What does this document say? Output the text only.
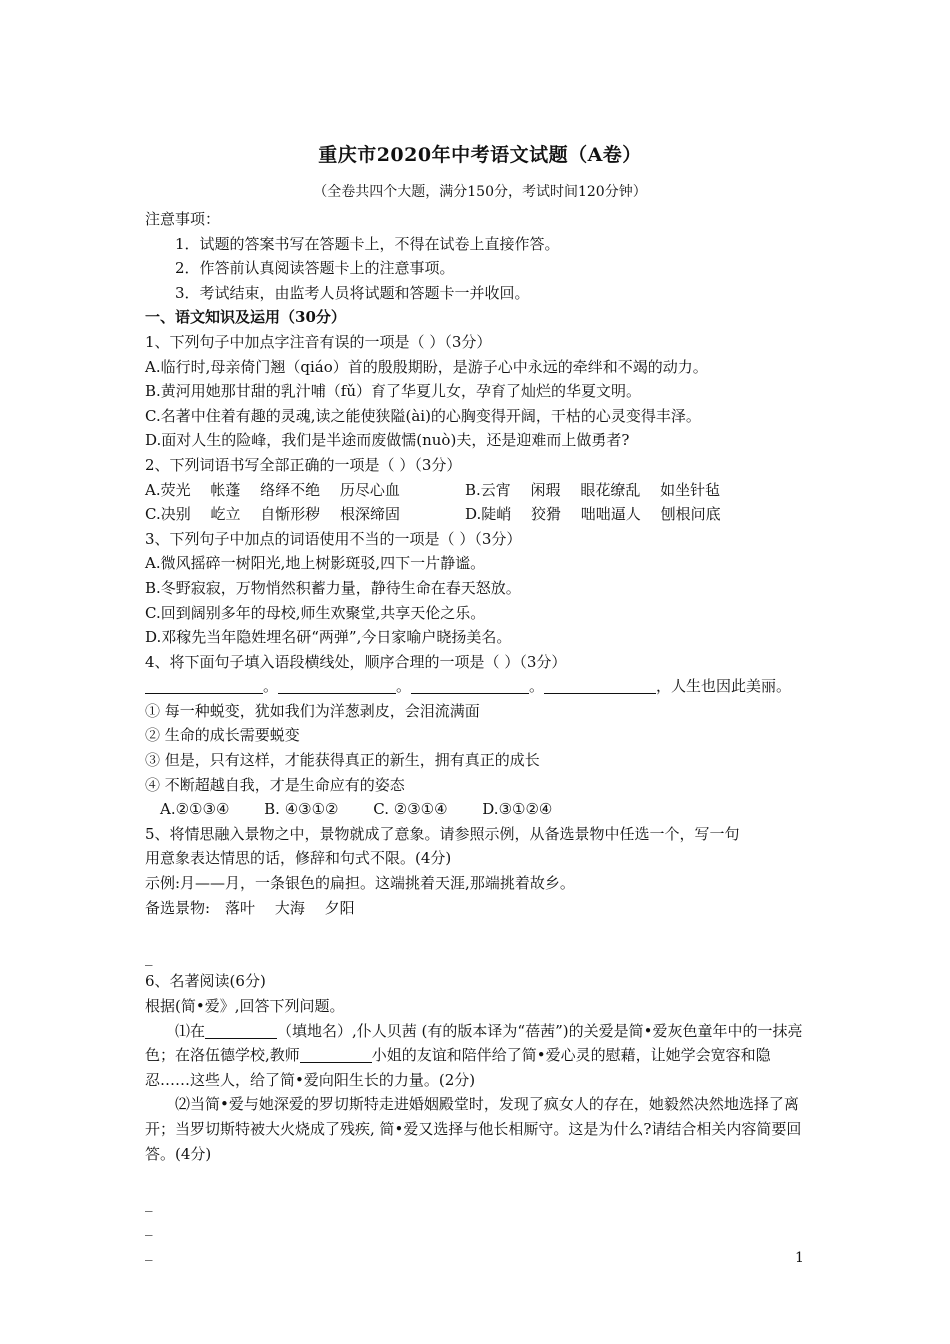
重庆市2020年中考语文试题（A卷）
（全卷共四个大题，满分150分，考试时间120分钟）
注意事项：
1．试题的答案书写在答题卡上，不得在试卷上直接作答。
2．作答前认真阅读答题卡上的注意事项。
3．考试结束，由监考人员将试题和答题卡一并收回。
一、语文知识及运用（30分）
1、下列句子中加点字注音有误的一项是（ ）（3分）
A.临行时,母亲倚门翘（qiáo）首的殷殷期盼，是游子心中永远的牵绊和不竭的动力。
B.黄河用她那甘甜的乳汁哺（fǔ）育了华夏儿女，孕育了灿烂的华夏文明。
C.名著中住着有趣的灵魂,读之能使狭隘(ài)的心胸变得开阔，干枯的心灵变得丰泽。
D.面对人生的险峰，我们是半途而废做懦(nuò)夫，还是迎难而上做勇者?
2、下列词语书写全部正确的一项是（ ）（3分）
A.荧光　 帐蓬　 络绎不绝　 历尽心血	B.云宵　 闲瑕　 眼花缭乱　 如坐针毡
C.决别　 屹立　 自惭形秽　 根深缔固	D.陡峭　 狡猾　 咄咄逼人　 刨根问底
3、下列句子中加点的词语使用不当的一项是（ ）（3分）
A.微风摇碎一树阳光,地上树影斑驳,四下一片静谧。
B.冬野寂寂，万物悄然积蓄力量，静待生命在春天怒放。
C.回到阔别多年的母校,师生欢聚堂,共享天伦之乐。
D.邓稼先当年隐姓埋名研“两弹”,今日家喻户晓扬美名。
4、将下面句子填入语段横线处，顺序合理的一项是（ ）（3分）
。	。	。	，人生也因此美丽。
① 每一种蜕变，犹如我们为洋葱剥皮，会泪流满面
② 生命的成长需要蜕变
③ 但是，只有这样，才能获得真正的新生，拥有真正的成长
④ 不断超越自我，才是生命应有的姿态
A.②①③④　　 B. ④③①②　　 C. ②③①④　　 D.③①②④
5、将情思融入景物之中，景物就成了意象。请参照示例，从备选景物中任选一个，写一句
用意象表达情思的话，修辞和句式不限。(4分)
示例:月——月，一条银色的扁担。这端挑着天涯,那端挑着故乡。
备选景物:　落叶　 大海　 夕阳
_
6、名著阅读(6分)
根据(简•爱》,回答下列问题。
⑴在	（填地名）,仆人贝茜 (有的版本译为“蓓茜”)的关爱是简•爱灰色童年中的一抹亮色；在洛伍德学校,教师	小姐的友谊和陪伴给了简•爱心灵的慰藉，让她学会宽容和隐忍……这些人，给了简•爱向阳生长的力量。(2分)
⑵当简•爱与她深爱的罗切斯特走进婚姻殿堂时，发现了疯女人的存在，她毅然决然地选择了离开；当罗切斯特被大火烧成了残疾, 简•爱又选择与他长相厮守。这是为什么?请结合相关内容简要回答。(4分)
_
_
_	1
